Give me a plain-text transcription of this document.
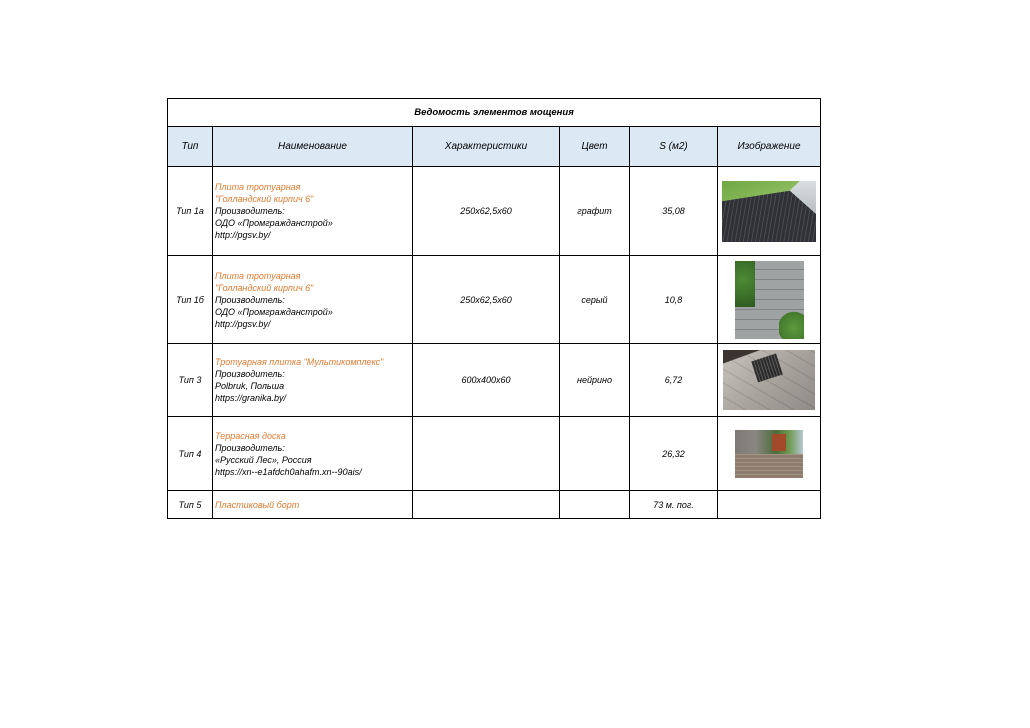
Ведомость элементов мощения					
Тип	Наименование	Характеристики	Цвет	S (м2)	Изображение
Тип 1а	Плита тротуарная
"Голландский кирпич 6"
Производитель:
ОДО «Промгражданстрой»
http://pgsv.by/	250х62,5х60	графит	35,08	
Тип 1б	Плита тротуарная
"Голландский кирпич 6"
Производитель:
ОДО «Промгражданстрой»
http://pgsv.by/	250х62,5х60	серый	10,8	
Тип 3	Тротуарная плитка "Мультикомплекс"
Производитель:
Polbruk, Польша
https://granika.by/	600х400х60	нейрино	6,72	
Тип 4	Террасная доска
Производитель:
«Русский Лес», Россия
https://xn--e1afdch0ahafm.xn--90ais/			26,32	
Тип 5	Пластиковый борт			73 м. пог.	
